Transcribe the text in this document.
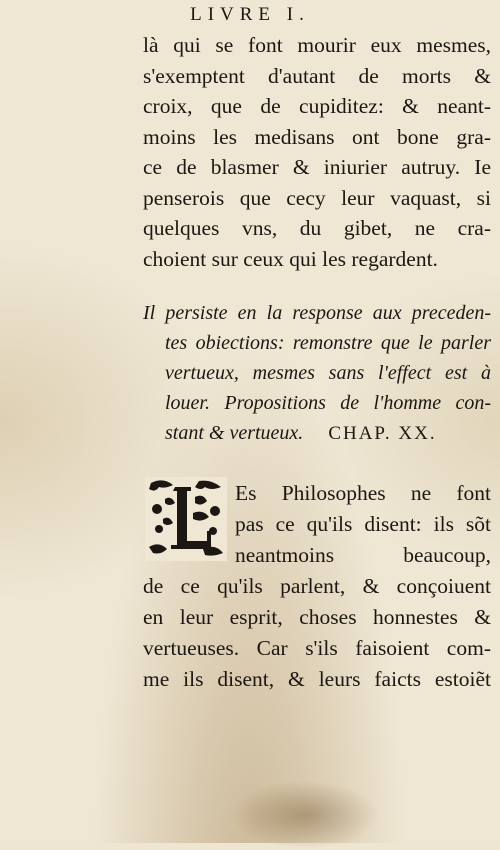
LIVRE I.
là qui se font mourir eux mesmes,
s'exemptent d'autant de morts &
croix, que de cupiditez: & neant-
moins les medisans ont bone gra-
ce de blasmer & iniurier autruy. Ie
penserois que cecy leur vaquast, si
quelques vns, du gibet, ne cra-
choient sur ceux qui les regardent.
Il persiste en la response aux preceden-
tes obiections: remonstre que le parler
vertueux, mesmes sans l'effect est à
louer. Propositions de l'homme con-
stant & vertueux. CHAP. XX.
Es Philosophes ne font
pas ce qu'ils disent: ils sõt
neantmoins beaucoup,
de ce qu'ils parlent, & conçoiuent
en leur esprit, choses honnestes &
vertueuses. Car s'ils faisoient com-
me ils disent, & leurs faicts estoiẽt
